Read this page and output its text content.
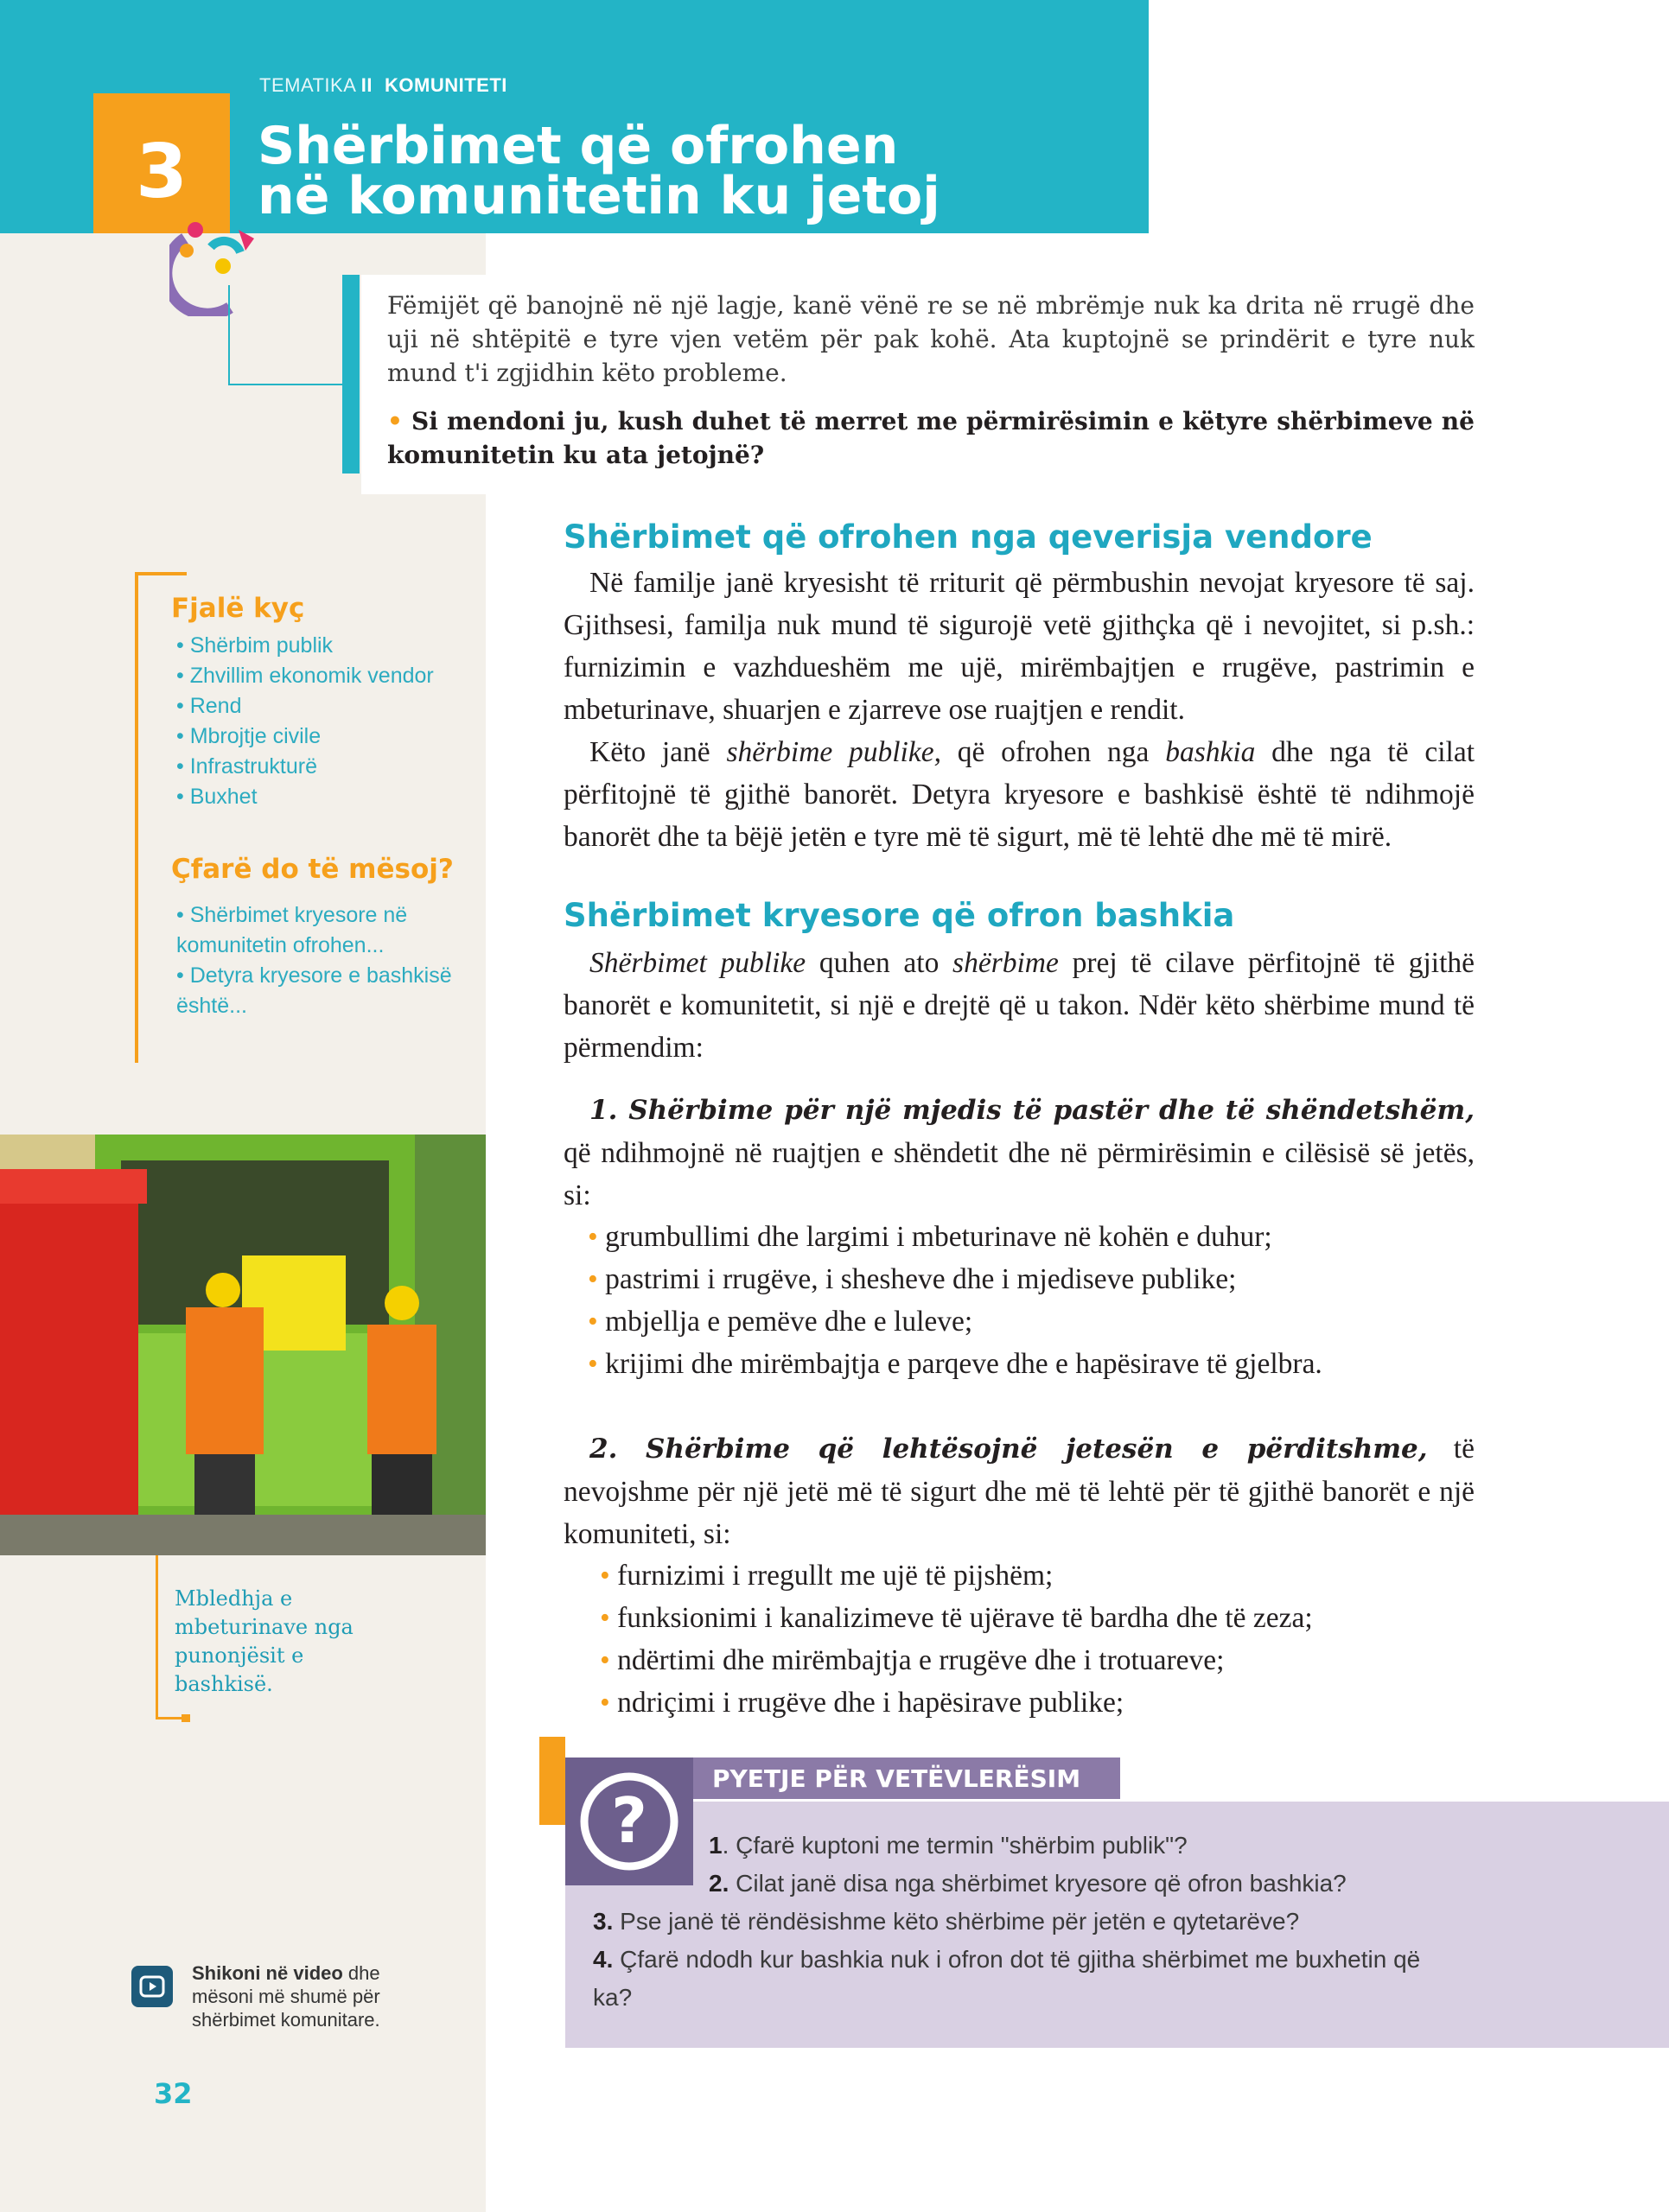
3
TEMATIKA II KOMUNITETI
Shërbimet që ofrohen
në komunitetin ku jetoj
Fëmijët që banojnë në një lagje, kanë vënë re se në mbrëmje nuk ka drita në rrugë dhe uji në shtëpitë e tyre vjen vetëm për pak kohë. Ata kuptojnë se prindërit e tyre nuk mund t'i zgjidhin këto probleme.
• Si mendoni ju, kush duhet të merret me përmirësimin e këtyre shërbimeve në komunitetin ku ata jetojnë?
Fjalë kyç
• Shërbim publik
• Zhvillim ekonomik vendor
• Rend
• Mbrojtje civile
• Infrastrukturë
• Buxhet
Çfarë do të mësoj?
• Shërbimet kryesore në komunitetin ofrohen...
• Detyra kryesore e bashkisë është...
Mbledhja e mbeturinave nga punonjësit e bashkisë.
Shikoni në video dhe mësoni më shumë për shërbimet komunitare.
32
Shërbimet që ofrohen nga qeverisja vendore
Në familje janë kryesisht të rriturit që përmbushin nevojat kryesore të saj. Gjithsesi, familja nuk mund të sigurojë vetë gjithçka që i nevojitet, si p.sh.: furnizimin e vazhdueshëm me ujë, mirëmbajtjen e rrugëve, pastrimin e mbeturinave, shuarjen e zjarreve ose ruajtjen e rendit.
Këto janë shërbime publike, që ofrohen nga bashkia dhe nga të cilat përfitojnë të gjithë banorët. Detyra kryesore e bashkisë është të ndihmojë banorët dhe ta bëjë jetën e tyre më të sigurt, më të lehtë dhe më të mirë.
Shërbimet kryesore që ofron bashkia
Shërbimet publike quhen ato shërbime prej të cilave përfitojnë të gjithë banorët e komunitetit, si një e drejtë që u takon. Ndër këto shërbime mund të përmendim:
1. Shërbime për një mjedis të pastër dhe të shëndetshëm, që ndihmojnë në ruajtjen e shëndetit dhe në përmirësimin e cilësisë së jetës, si:
• grumbullimi dhe largimi i mbeturinave në kohën e duhur;
• pastrimi i rrugëve, i shesheve dhe i mjediseve publike;
• mbjellja e pemëve dhe e luleve;
• krijimi dhe mirëmbajtja e parqeve dhe e hapësirave të gjelbra.
2. Shërbime që lehtësojnë jetesën e përditshme, të nevojshme për një jetë më të sigurt dhe më të lehtë për të gjithë banorët e një komuniteti, si:
• furnizimi i rregullt me ujë të pijshëm;
• funksionimi i kanalizimeve të ujërave të bardha dhe të zeza;
• ndërtimi dhe mirëmbajtja e rrugëve dhe i trotuareve;
• ndriçimi i rrugëve dhe i hapësirave publike;
?
PYETJE PËR VETËVLERËSIM
1. Çfarë kuptoni me termin "shërbim publik"?
2. Cilat janë disa nga shërbimet kryesore që ofron bashkia?
3. Pse janë të rëndësishme këto shërbime për jetën e qytetarëve?
4. Çfarë ndodh kur bashkia nuk i ofron dot të gjitha shërbimet me buxhetin që ka?
